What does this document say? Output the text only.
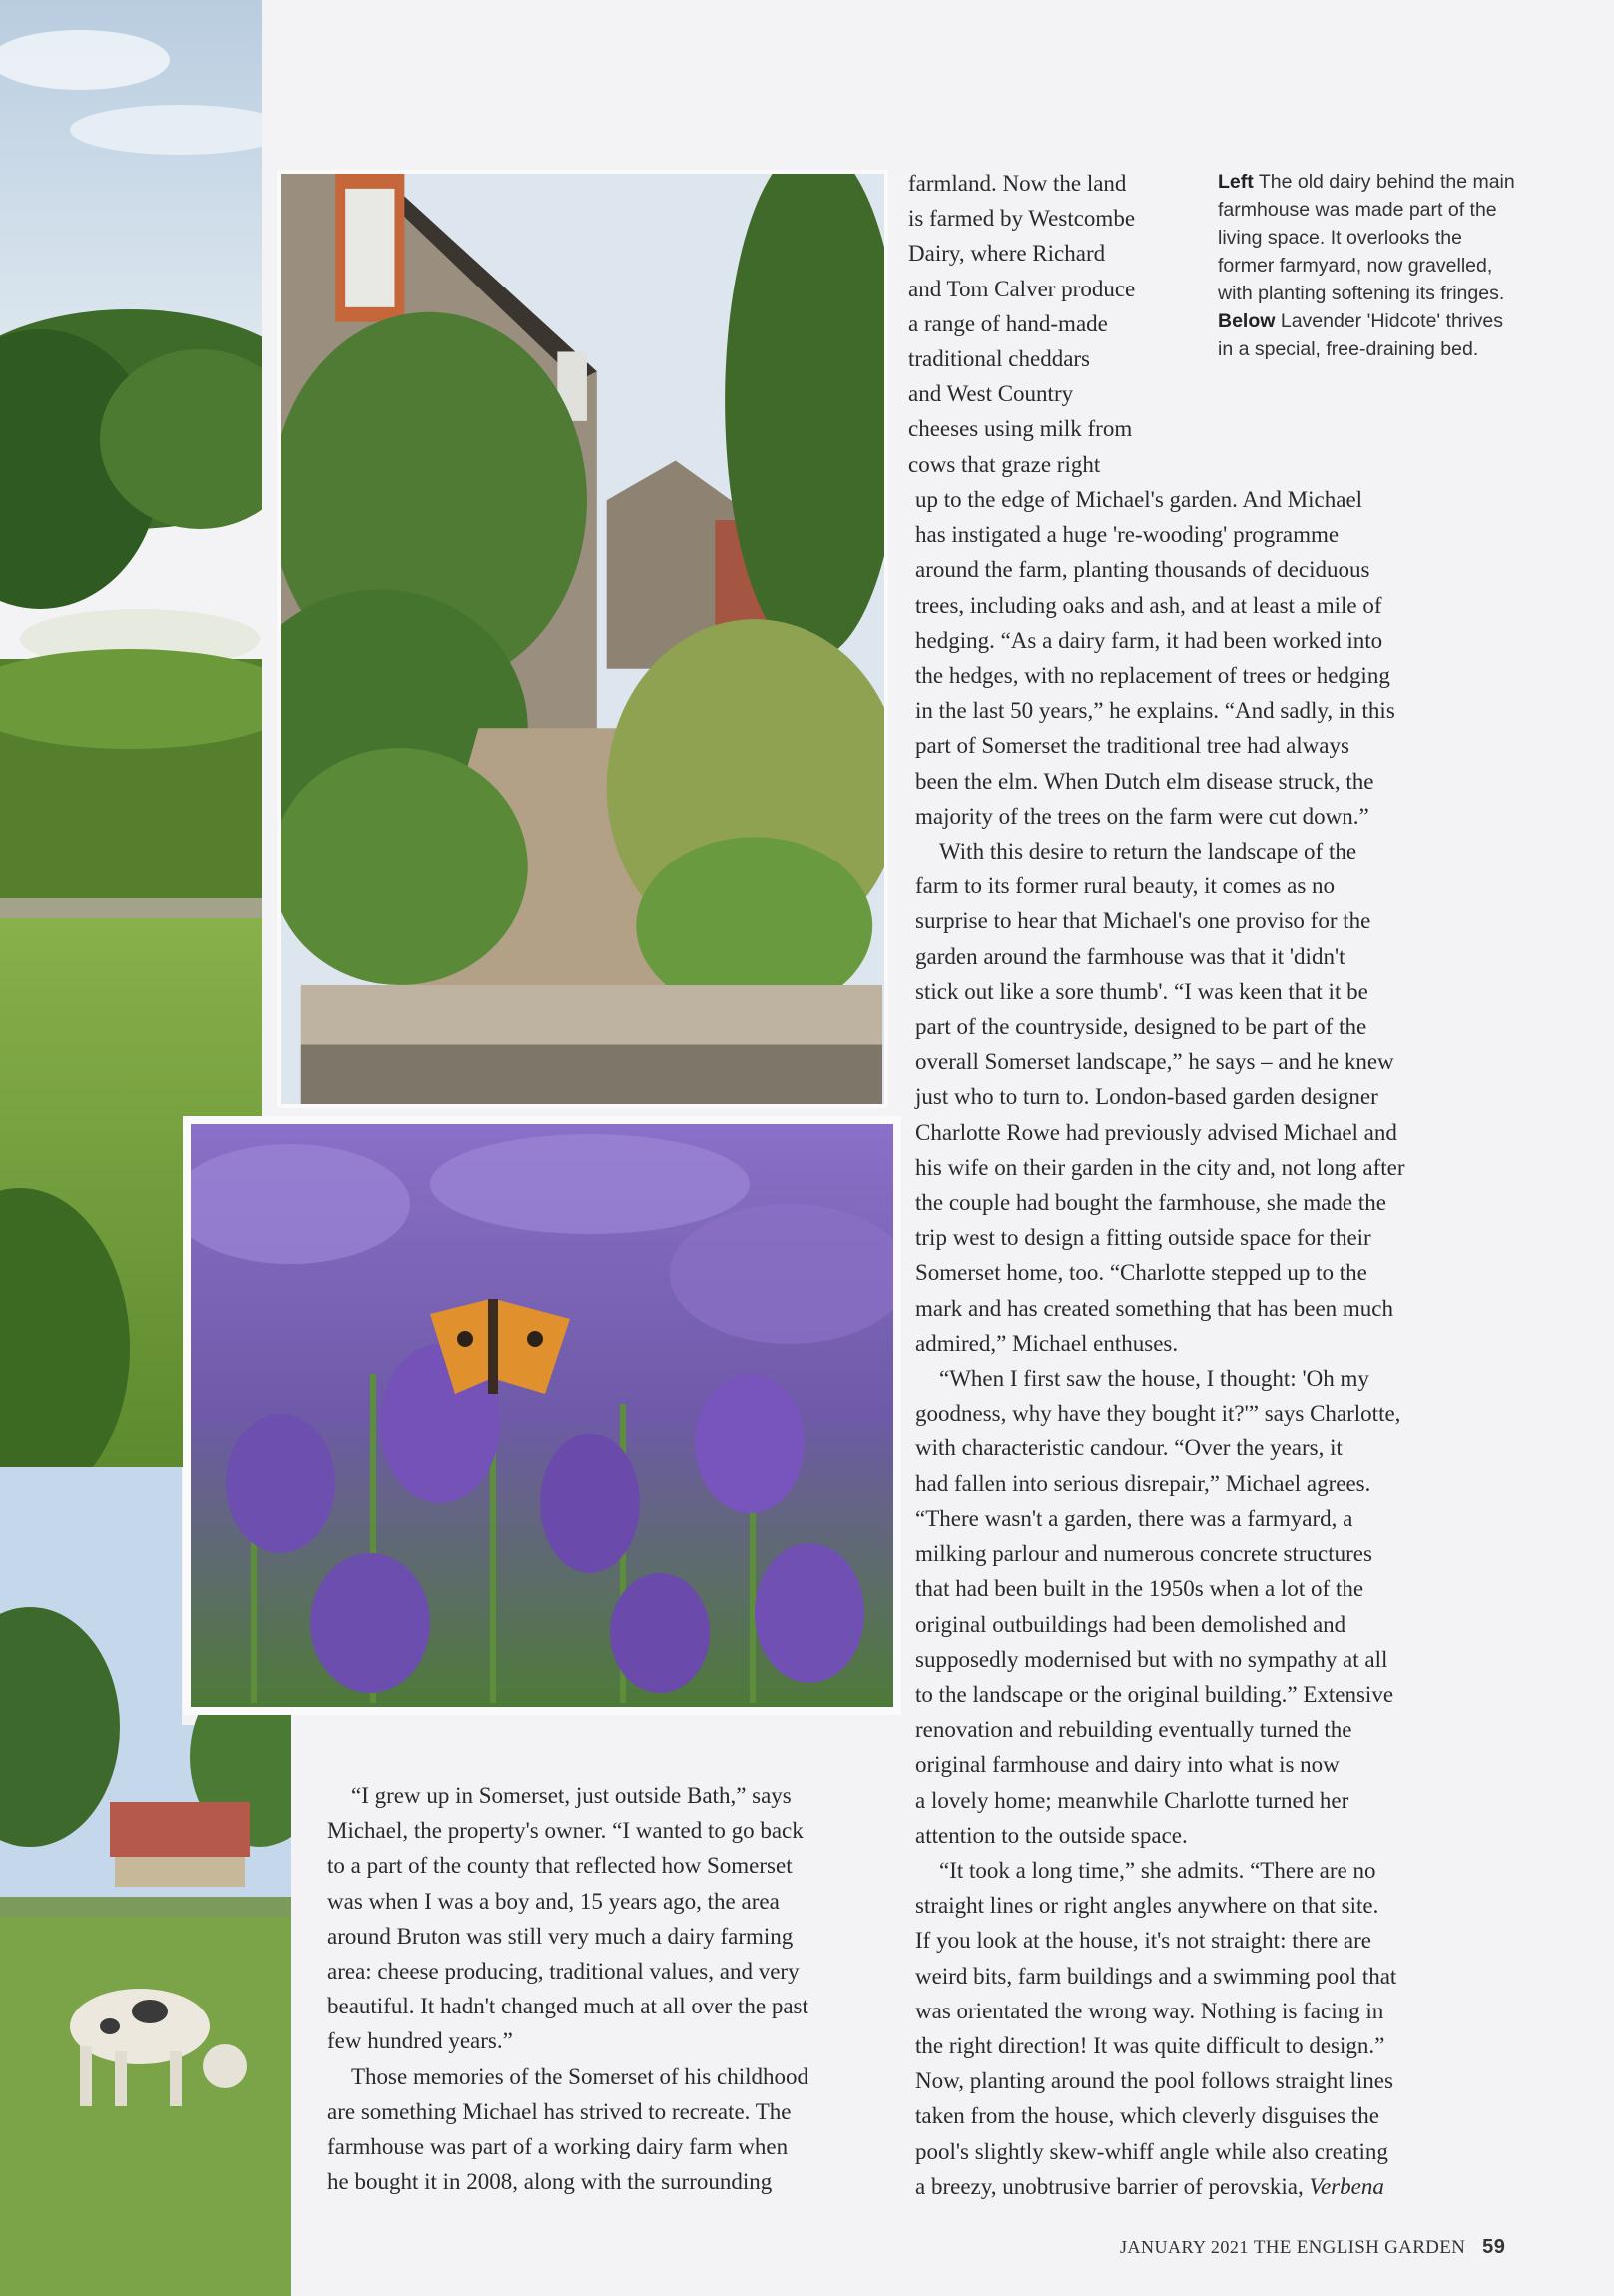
Left The old dairy behind the main farmhouse was made part of the living space. It overlooks the former farmyard, now gravelled, with planting softening its fringes.
Below Lavender 'Hidcote' thrives in a special, free-draining bed.

farmland. Now the land

is farmed by Westcombe

Dairy, where Richard

and Tom Calver produce

a range of hand-made

traditional cheddars

and West Country

cheeses using milk from

cows that graze right

up to the edge of Michael's garden. And Michael

has instigated a huge 're-wooding' programme

around the farm, planting thousands of deciduous

trees, including oaks and ash, and at least a mile of

hedging. “As a dairy farm, it had been worked into

the hedges, with no replacement of trees or hedging

in the last 50 years,” he explains. “And sadly, in this

part of Somerset the traditional tree had always

been the elm. When Dutch elm disease struck, the

majority of the trees on the farm were cut down.”

With this desire to return the landscape of the

farm to its former rural beauty, it comes as no

surprise to hear that Michael's one proviso for the

garden around the farmhouse was that it 'didn't

stick out like a sore thumb'. “I was keen that it be

part of the countryside, designed to be part of the

overall Somerset landscape,” he says – and he knew

just who to turn to. London-based garden designer

Charlotte Rowe had previously advised Michael and

his wife on their garden in the city and, not long after

the couple had bought the farmhouse, she made the

trip west to design a fitting outside space for their

Somerset home, too. “Charlotte stepped up to the

mark and has created something that has been much

admired,” Michael enthuses.

“When I first saw the house, I thought: 'Oh my

goodness, why have they bought it?'” says Charlotte,

with characteristic candour. “Over the years, it

had fallen into serious disrepair,” Michael agrees.

“There wasn't a garden, there was a farmyard, a

milking parlour and numerous concrete structures

that had been built in the 1950s when a lot of the

original outbuildings had been demolished and

supposedly modernised but with no sympathy at all

to the landscape or the original building.” Extensive

renovation and rebuilding eventually turned the

original farmhouse and dairy into what is now

a lovely home; meanwhile Charlotte turned her

attention to the outside space.

“It took a long time,” she admits. “There are no

straight lines or right angles anywhere on that site.

If you look at the house, it's not straight: there are

weird bits, farm buildings and a swimming pool that

was orientated the wrong way. Nothing is facing in

the right direction! It was quite difficult to design.”

Now, planting around the pool follows straight lines

taken from the house, which cleverly disguises the

pool's slightly skew-whiff angle while also creating

a breezy, unobtrusive barrier of perovskia, Verbena

“I grew up in Somerset, just outside Bath,” says

Michael, the property's owner. “I wanted to go back

to a part of the county that reflected how Somerset

was when I was a boy and, 15 years ago, the area

around Bruton was still very much a dairy farming

area: cheese producing, traditional values, and very

beautiful. It hadn't changed much at all over the past

few hundred years.”

Those memories of the Somerset of his childhood

are something Michael has strived to recreate. The

farmhouse was part of a working dairy farm when

he bought it in 2008, along with the surrounding

JANUARY 2021 THE ENGLISH GARDEN 59
